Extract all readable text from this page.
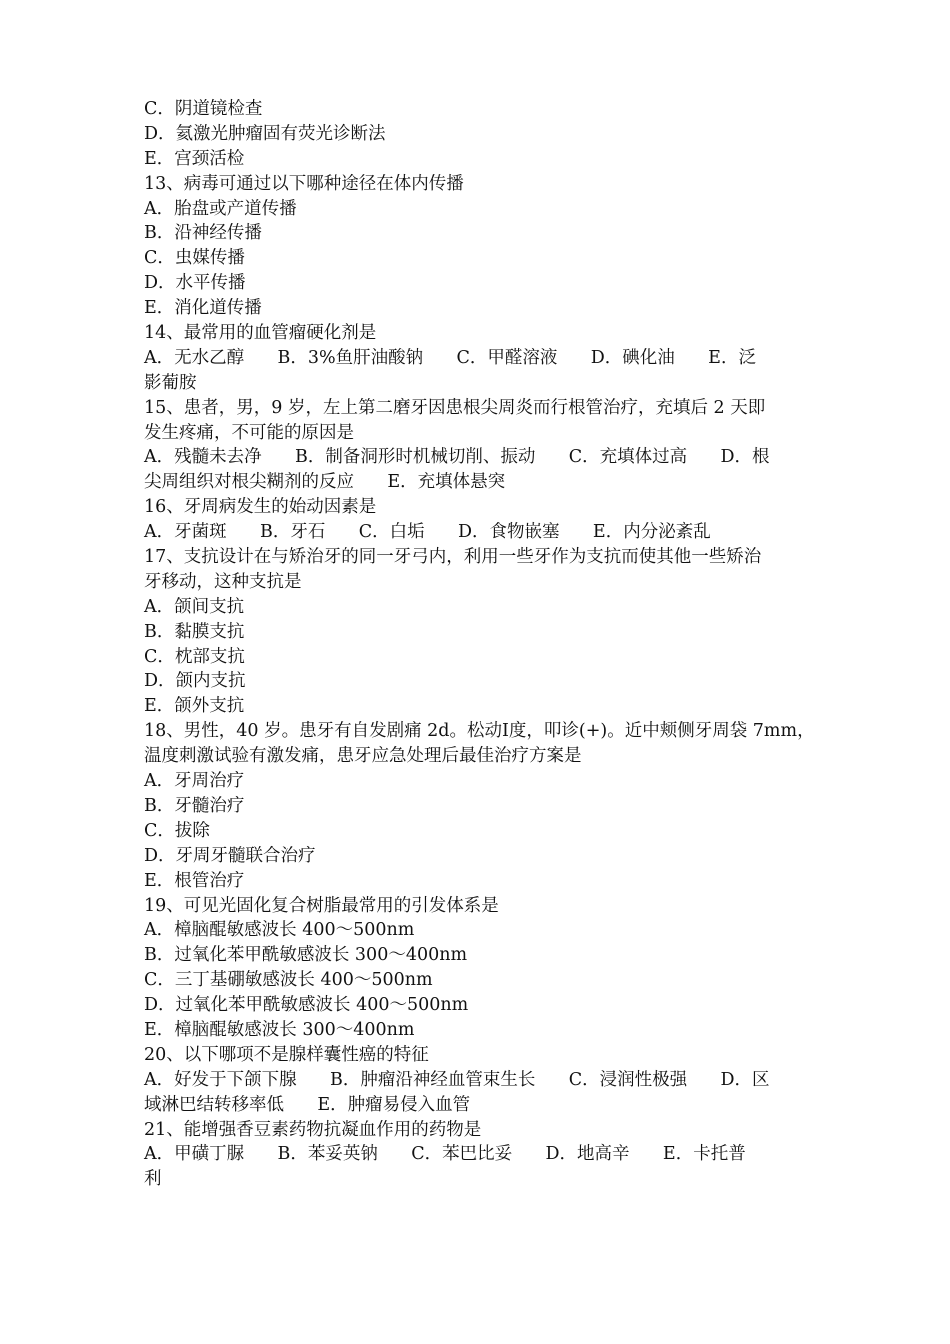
C．阴道镜检查
D．氦激光肿瘤固有荧光诊断法
E．宫颈活检
13、病毒可通过以下哪种途径在体内传播
A．胎盘或产道传播
B．沿神经传播
C．虫媒传播
D．水平传播
E．消化道传播
14、最常用的血管瘤硬化剂是
A．无水乙醇      B．3%鱼肝油酸钠      C．甲醛溶液      D．碘化油      E．泛
影葡胺
15、患者，男，9 岁，左上第二磨牙因患根尖周炎而行根管治疗，充填后 2 天即
发生疼痛，不可能的原因是
A．残髓未去净      B．制备洞形时机械切削、振动      C．充填体过高      D．根
尖周组织对根尖糊剂的反应      E．充填体悬突
16、牙周病发生的始动因素是
A．牙菌斑      B．牙石      C．白垢      D．食物嵌塞      E．内分泌紊乱
17、支抗设计在与矫治牙的同一牙弓内，利用一些牙作为支抗而使其他一些矫治
牙移动，这种支抗是
A．颌间支抗
B．黏膜支抗
C．枕部支抗
D．颌内支抗
E．颌外支抗
18、男性，40 岁。患牙有自发剧痛 2d。松动Ⅰ度，叩诊(+)。近中颊侧牙周袋 7mm，
温度刺激试验有激发痛，患牙应急处理后最佳治疗方案是
A．牙周治疗
B．牙髓治疗
C．拔除
D．牙周牙髓联合治疗
E．根管治疗
19、可见光固化复合树脂最常用的引发体系是
A．樟脑醌敏感波长 400～500nm
B．过氧化苯甲酰敏感波长 300～400nm
C．三丁基硼敏感波长 400～500nm
D．过氧化苯甲酰敏感波长 400～500nm
E．樟脑醌敏感波长 300～400nm
20、以下哪项不是腺样囊性癌的特征
A．好发于下颌下腺      B．肿瘤沿神经血管束生长      C．浸润性极强      D．区
域淋巴结转移率低      E．肿瘤易侵入血管
21、能增强香豆素药物抗凝血作用的药物是
A．甲磺丁脲      B．苯妥英钠      C．苯巴比妥      D．地高辛      E．卡托普
利
